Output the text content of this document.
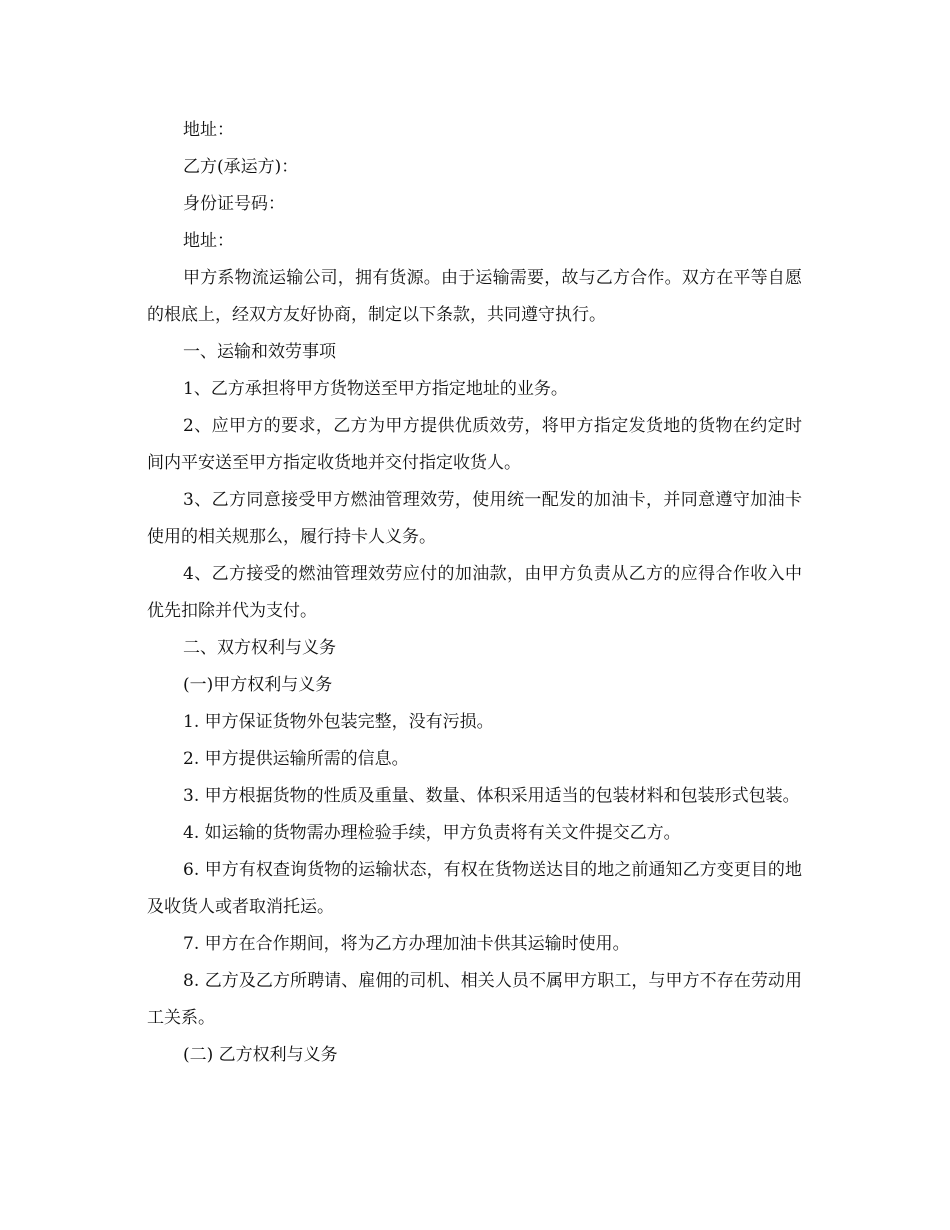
地址：

乙方(承运方)：

身份证号码：

地址：

甲方系物流运输公司，拥有货源。由于运输需要，故与乙方合作。双方在平等自愿的根底上，经双方友好协商，制定以下条款，共同遵守执行。

一、运输和效劳事项

1、乙方承担将甲方货物送至甲方指定地址的业务。

2、应甲方的要求，乙方为甲方提供优质效劳，将甲方指定发货地的货物在约定时间内平安送至甲方指定收货地并交付指定收货人。

3、乙方同意接受甲方燃油管理效劳，使用统一配发的加油卡，并同意遵守加油卡使用的相关规那么，履行持卡人义务。

4、乙方接受的燃油管理效劳应付的加油款，由甲方负责从乙方的应得合作收入中优先扣除并代为支付。

二、双方权利与义务

(一)甲方权利与义务

1. 甲方保证货物外包装完整，没有污损。

2. 甲方提供运输所需的信息。

3. 甲方根据货物的性质及重量、数量、体积采用适当的包装材料和包装形式包装。

4. 如运输的货物需办理检验手续，甲方负责将有关文件提交乙方。

6. 甲方有权查询货物的运输状态，有权在货物送达目的地之前通知乙方变更目的地及收货人或者取消托运。

7. 甲方在合作期间，将为乙方办理加油卡供其运输时使用。

8. 乙方及乙方所聘请、雇佣的司机、相关人员不属甲方职工，与甲方不存在劳动用工关系。

(二) 乙方权利与义务
